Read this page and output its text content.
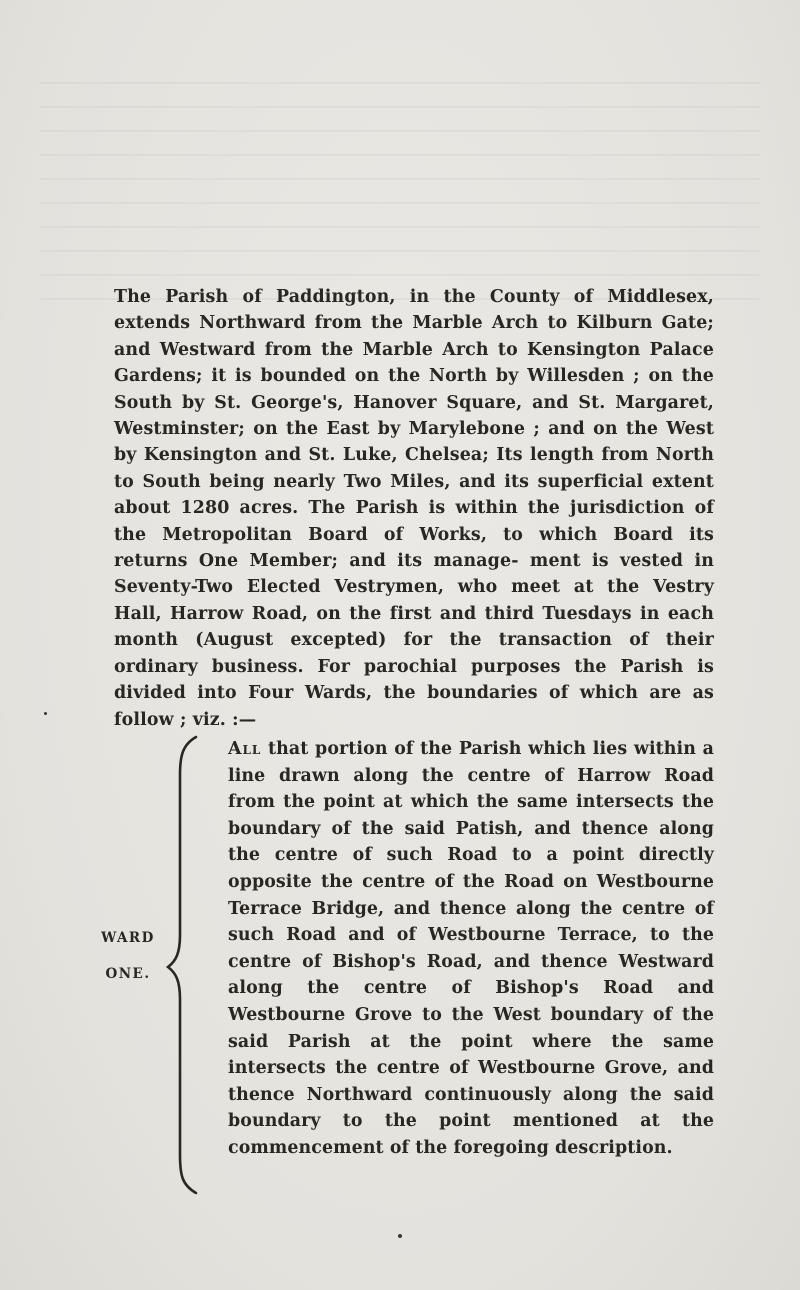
The Parish of Paddington, in the County of Middlesex, extends Northward from the Marble Arch to Kilburn Gate; and Westward from the Marble Arch to Kensington Palace Gardens; it is bounded on the North by Willesden ; on the South by St. George's, Hanover Square, and St. Margaret, Westminster; on the East by Marylebone ; and on the West by Kensington and St. Luke, Chelsea; Its length from North to South being nearly Two Miles, and its superficial extent about 1280 acres. The Parish is within the jurisdiction of the Metropolitan Board of Works, to which Board its returns One Member; and its manage- ment is vested in Seventy-Two Elected Vestrymen, who meet at the Vestry Hall, Harrow Road, on the first and third Tuesdays in each month (August excepted) for the transaction of their ordinary business. For parochial purposes the Parish is divided into Four Wards, the boundaries of which are as follow ; viz. :—

WARD
ONE.

All that portion of the Parish which lies within a line drawn along the centre of Harrow Road from the point at which the same intersects the boundary of the said Patish, and thence along the centre of such Road to a point directly opposite the centre of the Road on Westbourne Terrace Bridge, and thence along the centre of such Road and of Westbourne Terrace, to the centre of Bishop's Road, and thence Westward along the centre of Bishop's Road and Westbourne Grove to the West boundary of the said Parish at the point where the same intersects the centre of Westbourne Grove, and thence Northward continuously along the said boundary to the point mentioned at the commencement of the foregoing description.
